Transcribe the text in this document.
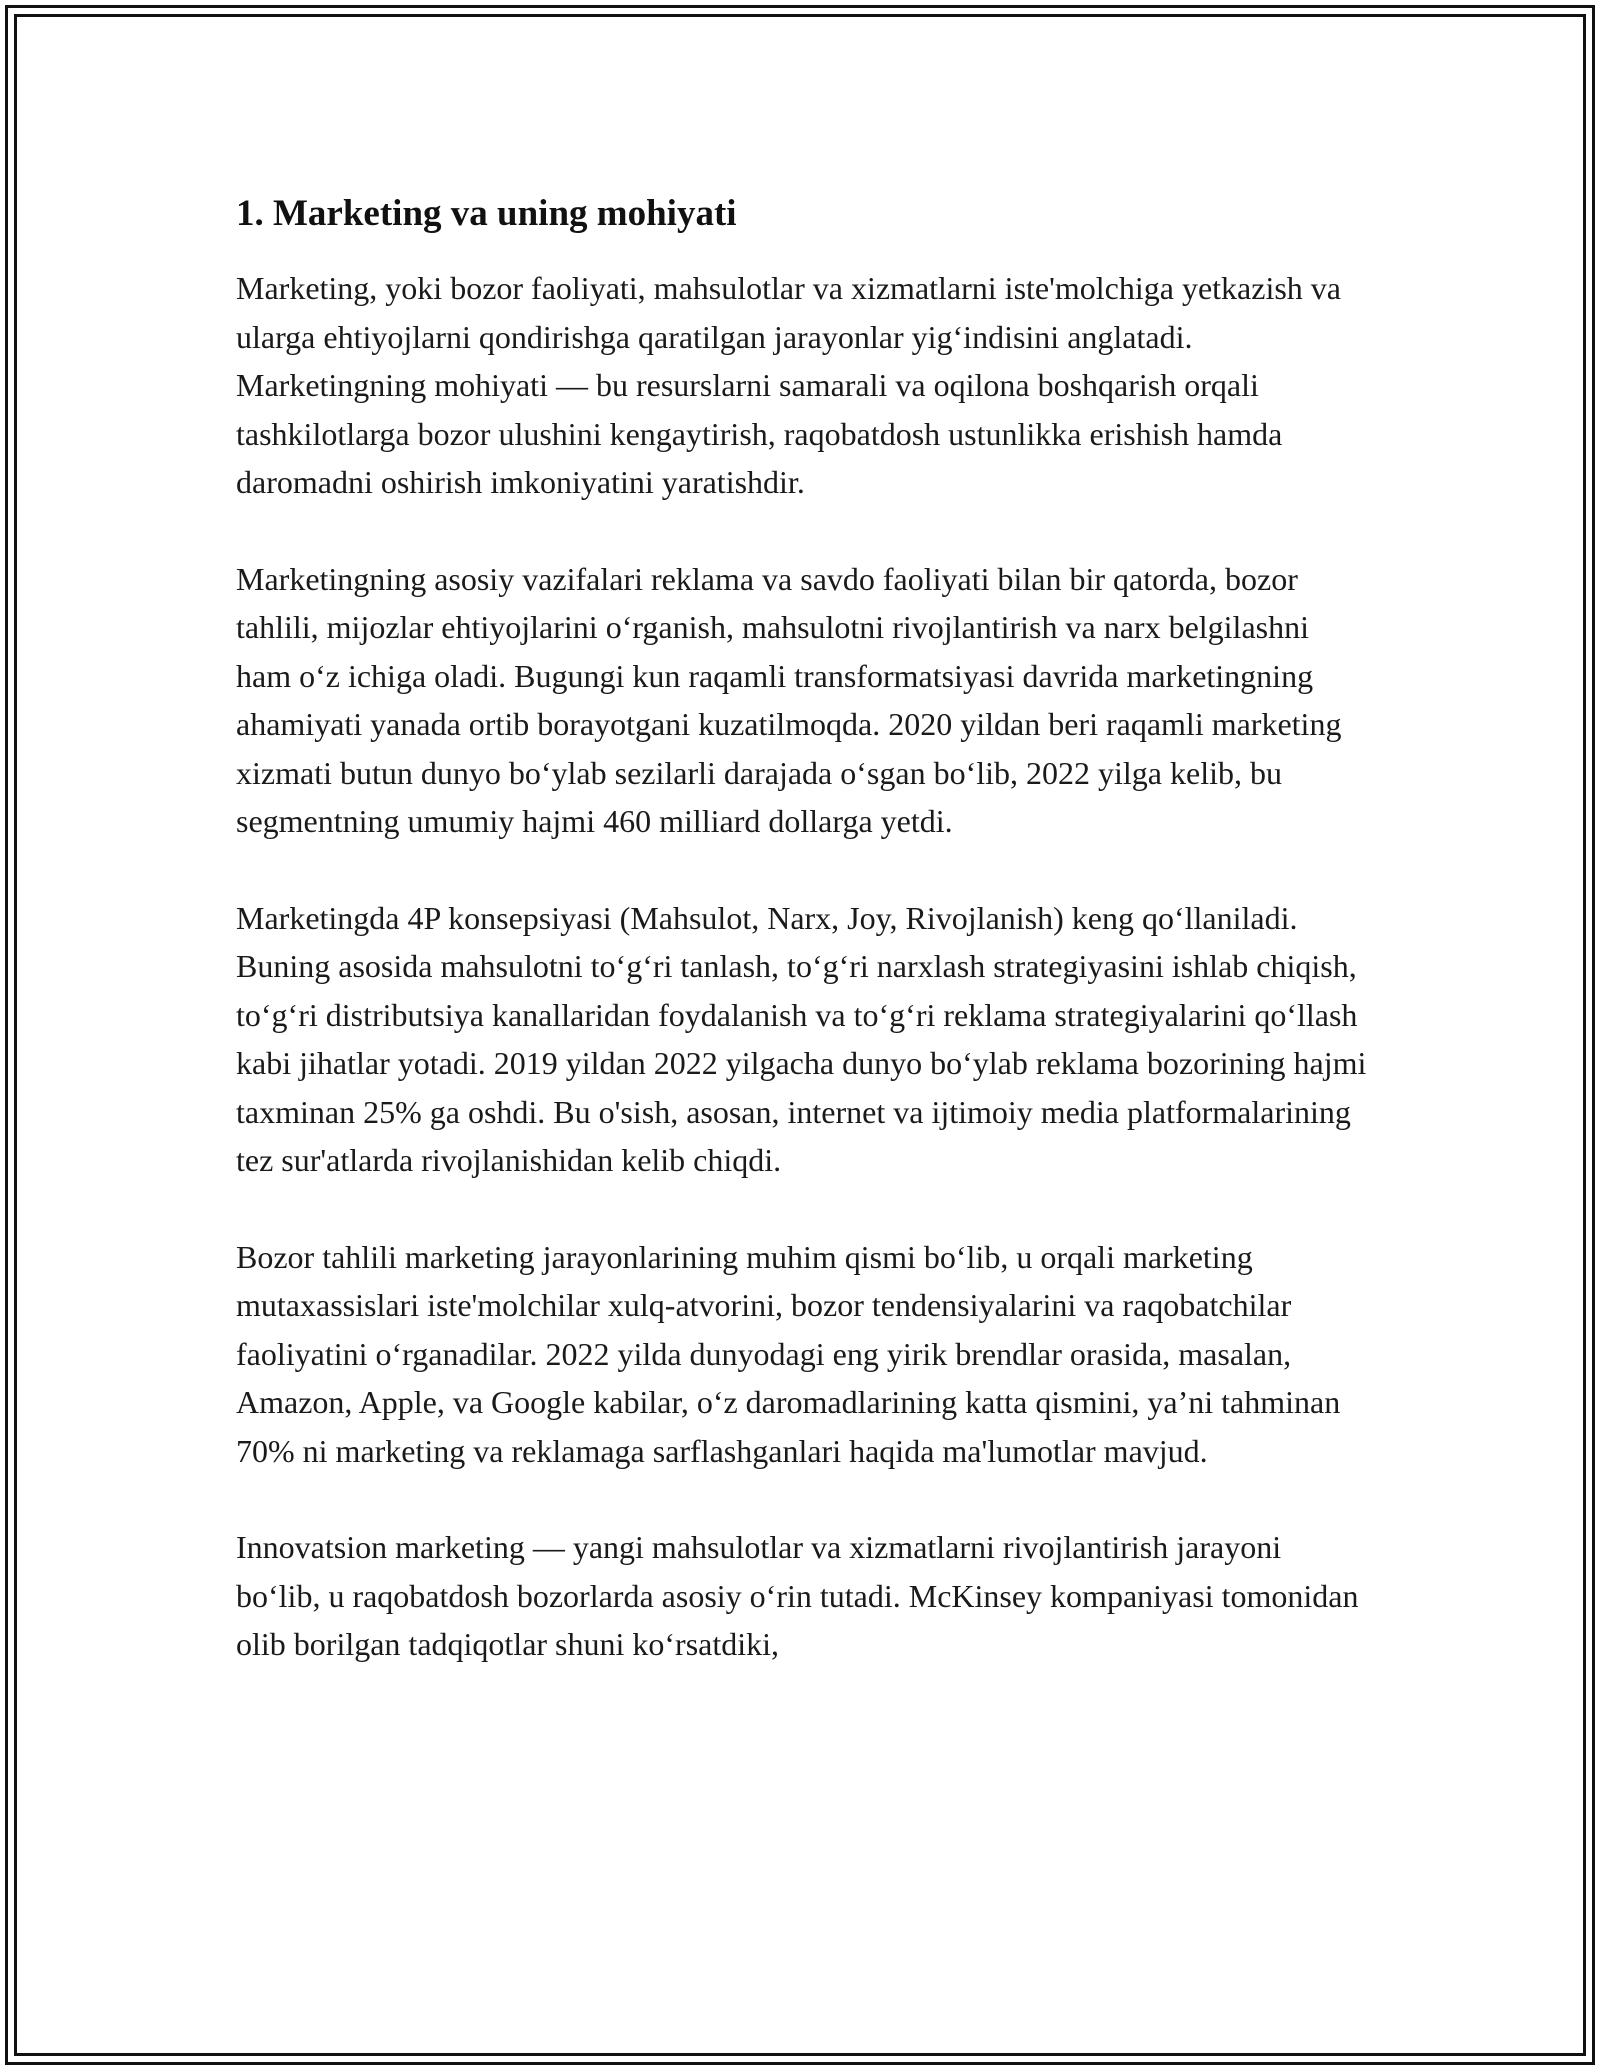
1. Marketing va uning mohiyati

Marketing, yoki bozor faoliyati, mahsulotlar va xizmatlarni iste'molchiga yetkazish va ularga ehtiyojlarni qondirishga qaratilgan jarayonlar yig‘indisini anglatadi. Marketingning mohiyati — bu resurslarni samarali va oqilona boshqarish orqali tashkilotlarga bozor ulushini kengaytirish, raqobatdosh ustunlikka erishish hamda daromadni oshirish imkoniyatini yaratishdir.

Marketingning asosiy vazifalari reklama va savdo faoliyati bilan bir qatorda, bozor tahlili, mijozlar ehtiyojlarini o‘rganish, mahsulotni rivojlantirish va narx belgilashni ham o‘z ichiga oladi. Bugungi kun raqamli transformatsiyasi davrida marketingning ahamiyati yanada ortib borayotgani kuzatilmoqda. 2020 yildan beri raqamli marketing xizmati butun dunyo bo‘ylab sezilarli darajada o‘sgan bo‘lib, 2022 yilga kelib, bu segmentning umumiy hajmi 460 milliard dollarga yetdi.

Marketingda 4P konsepsiyasi (Mahsulot, Narx, Joy, Rivojlanish) keng qo‘llaniladi. Buning asosida mahsulotni to‘g‘ri tanlash, to‘g‘ri narxlash strategiyasini ishlab chiqish, to‘g‘ri distributsiya kanallaridan foydalanish va to‘g‘ri reklama strategiyalarini qo‘llash kabi jihatlar yotadi. 2019 yildan 2022 yilgacha dunyo bo‘ylab reklama bozorining hajmi taxminan 25% ga oshdi. Bu o'sish, asosan, internet va ijtimoiy media platformalarining tez sur'atlarda rivojlanishidan kelib chiqdi.

Bozor tahlili marketing jarayonlarining muhim qismi bo‘lib, u orqali marketing mutaxassislari iste'molchilar xulq-atvorini, bozor tendensiyalarini va raqobatchilar faoliyatini o‘rganadilar. 2022 yilda dunyodagi eng yirik brendlar orasida, masalan, Amazon, Apple, va Google kabilar, o‘z daromadlarining katta qismini, ya’ni tahminan 70% ni marketing va reklamaga sarflashganlari haqida ma'lumotlar mavjud.

Innovatsion marketing — yangi mahsulotlar va xizmatlarni rivojlantirish jarayoni bo‘lib, u raqobatdosh bozorlarda asosiy o‘rin tutadi. McKinsey kompaniyasi tomonidan olib borilgan tadqiqotlar shuni ko‘rsatdiki,
